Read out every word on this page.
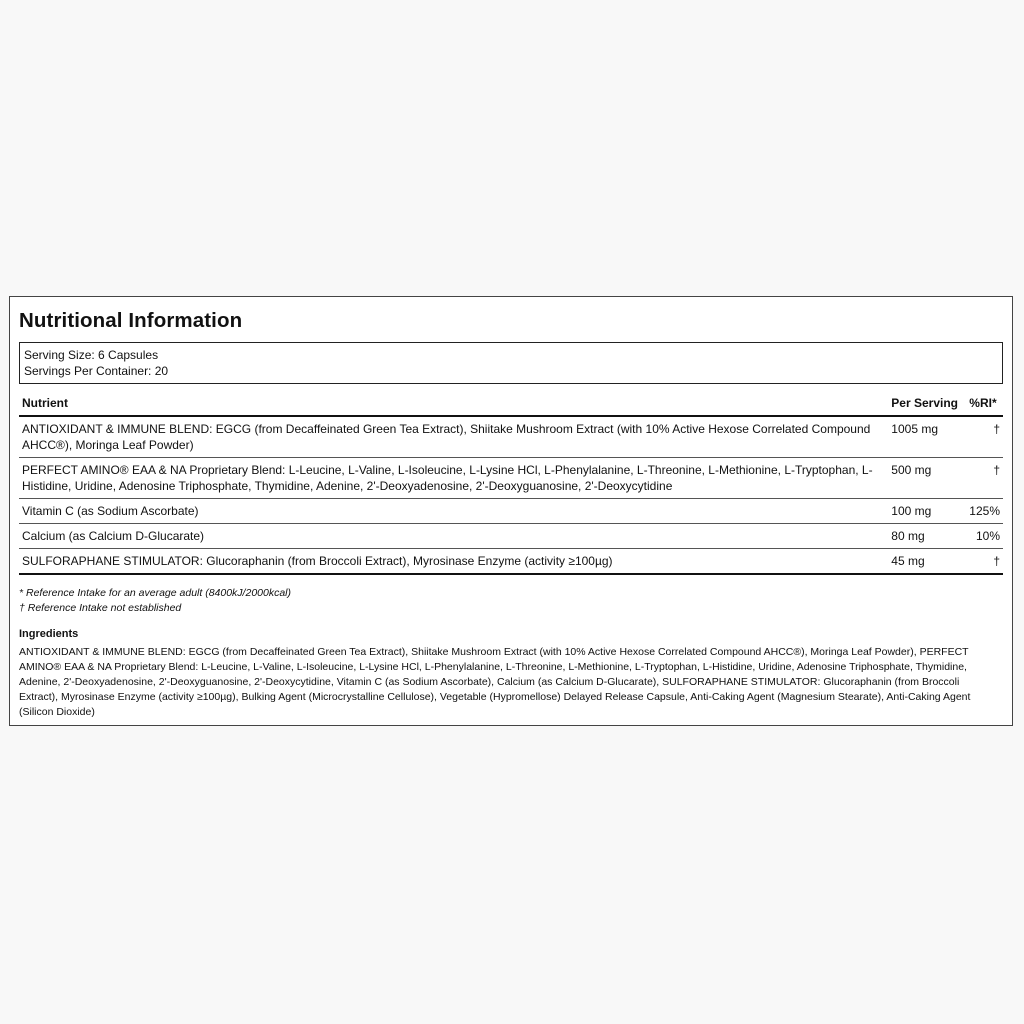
Nutritional Information
Serving Size: 6 Capsules
Servings Per Container: 20
Nutrient	Per Serving	%RI*
ANTIOXIDANT & IMMUNE BLEND: EGCG (from Decaffeinated Green Tea Extract), Shiitake Mushroom Extract (with 10% Active Hexose Correlated Compound AHCC®), Moringa Leaf Powder)	1005 mg	†
PERFECT AMINO® EAA & NA Proprietary Blend: L-Leucine, L-Valine, L-Isoleucine, L-Lysine HCl, L-Phenylalanine, L-Threonine, L-Methionine, L-Tryptophan, L-Histidine, Uridine, Adenosine Triphosphate, Thymidine, Adenine, 2'-Deoxyadenosine, 2'-Deoxyguanosine, 2'-Deoxycytidine	500 mg	†
Vitamin C (as Sodium Ascorbate)	100 mg	125%
Calcium (as Calcium D-Glucarate)	80 mg	10%
SULFORAPHANE STIMULATOR: Glucoraphanin (from Broccoli Extract), Myrosinase Enzyme (activity ≥100µg)	45 mg	†
* Reference Intake for an average adult (8400kJ/2000kcal)
† Reference Intake not established
Ingredients
ANTIOXIDANT & IMMUNE BLEND: EGCG (from Decaffeinated Green Tea Extract), Shiitake Mushroom Extract (with 10% Active Hexose Correlated Compound AHCC®), Moringa Leaf Powder), PERFECT AMINO® EAA & NA Proprietary Blend: L-Leucine, L-Valine, L-Isoleucine, L-Lysine HCl, L-Phenylalanine, L-Threonine, L-Methionine, L-Tryptophan, L-Histidine, Uridine, Adenosine Triphosphate, Thymidine, Adenine, 2'-Deoxyadenosine, 2'-Deoxyguanosine, 2'-Deoxycytidine, Vitamin C (as Sodium Ascorbate), Calcium (as Calcium D-Glucarate), SULFORAPHANE STIMULATOR: Glucoraphanin (from Broccoli Extract), Myrosinase Enzyme (activity ≥100µg), Bulking Agent (Microcrystalline Cellulose), Vegetable (Hypromellose) Delayed Release Capsule, Anti-Caking Agent (Magnesium Stearate), Anti-Caking Agent (Silicon Dioxide)
